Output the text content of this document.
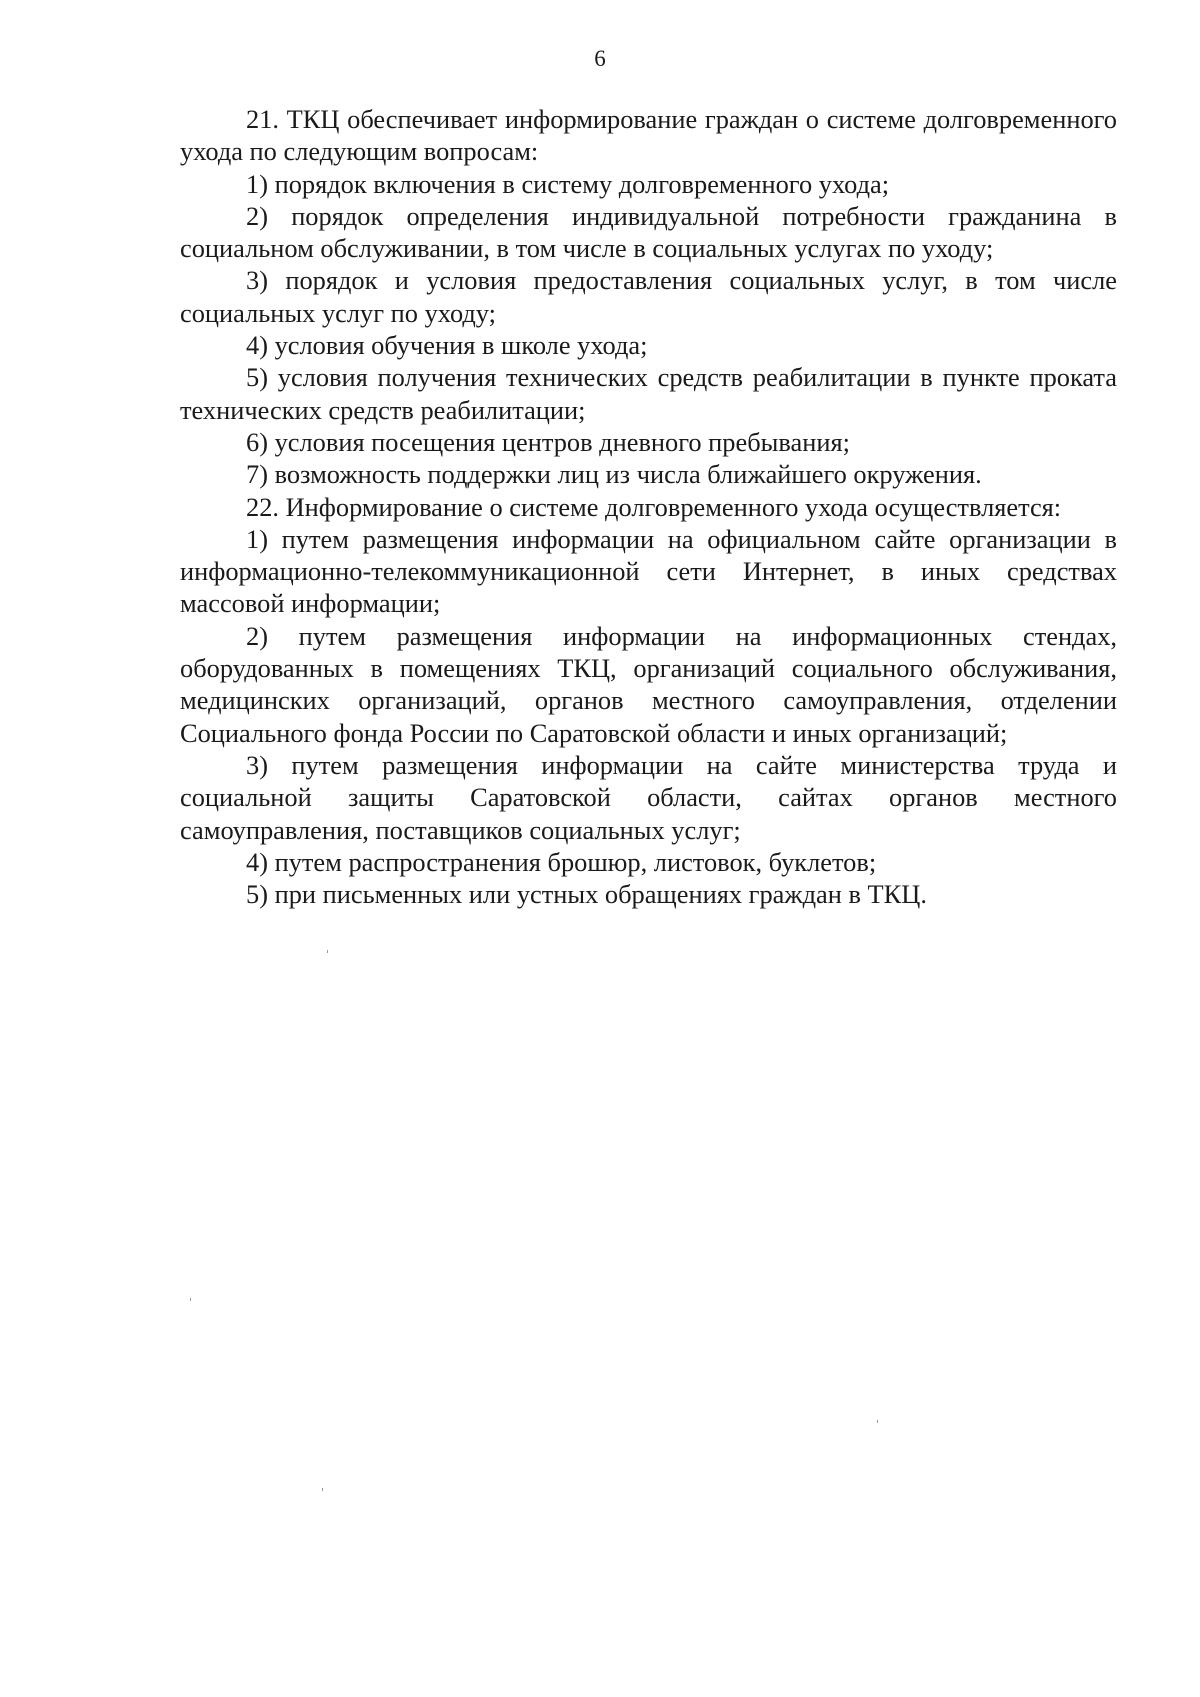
6

21. ТКЦ обеспечивает информирование граждан о системе долговременного ухода по следующим вопросам:

1) порядок включения в систему долговременного ухода;

2) порядок определения индивидуальной потребности гражданина в социальном обслуживании, в том числе в социальных услугах по уходу;

3) порядок и условия предоставления социальных услуг, в том числе социальных услуг по уходу;

4) условия обучения в школе ухода;

5) условия получения технических средств реабилитации в пункте проката технических средств реабилитации;

6) условия посещения центров дневного пребывания;

7) возможность поддержки лиц из числа ближайшего окружения.

22. Информирование о системе долговременного ухода осуществляется:

1) путем размещения информации на официальном сайте организации в информационно-телекоммуникационной сети Интернет, в иных средствах массовой информации;

2) путем размещения информации на информационных стендах, оборудованных в помещениях ТКЦ, организаций социального обслуживания, медицинских организаций, органов местного самоуправления, отделении Социального фонда России по Саратовской области и иных организаций;

3) путем размещения информации на сайте министерства труда и социальной защиты Саратовской области, сайтах органов местного самоуправления, поставщиков социальных услуг;

4) путем распространения брошюр, листовок, буклетов;

5) при письменных или устных обращениях граждан в ТКЦ.
